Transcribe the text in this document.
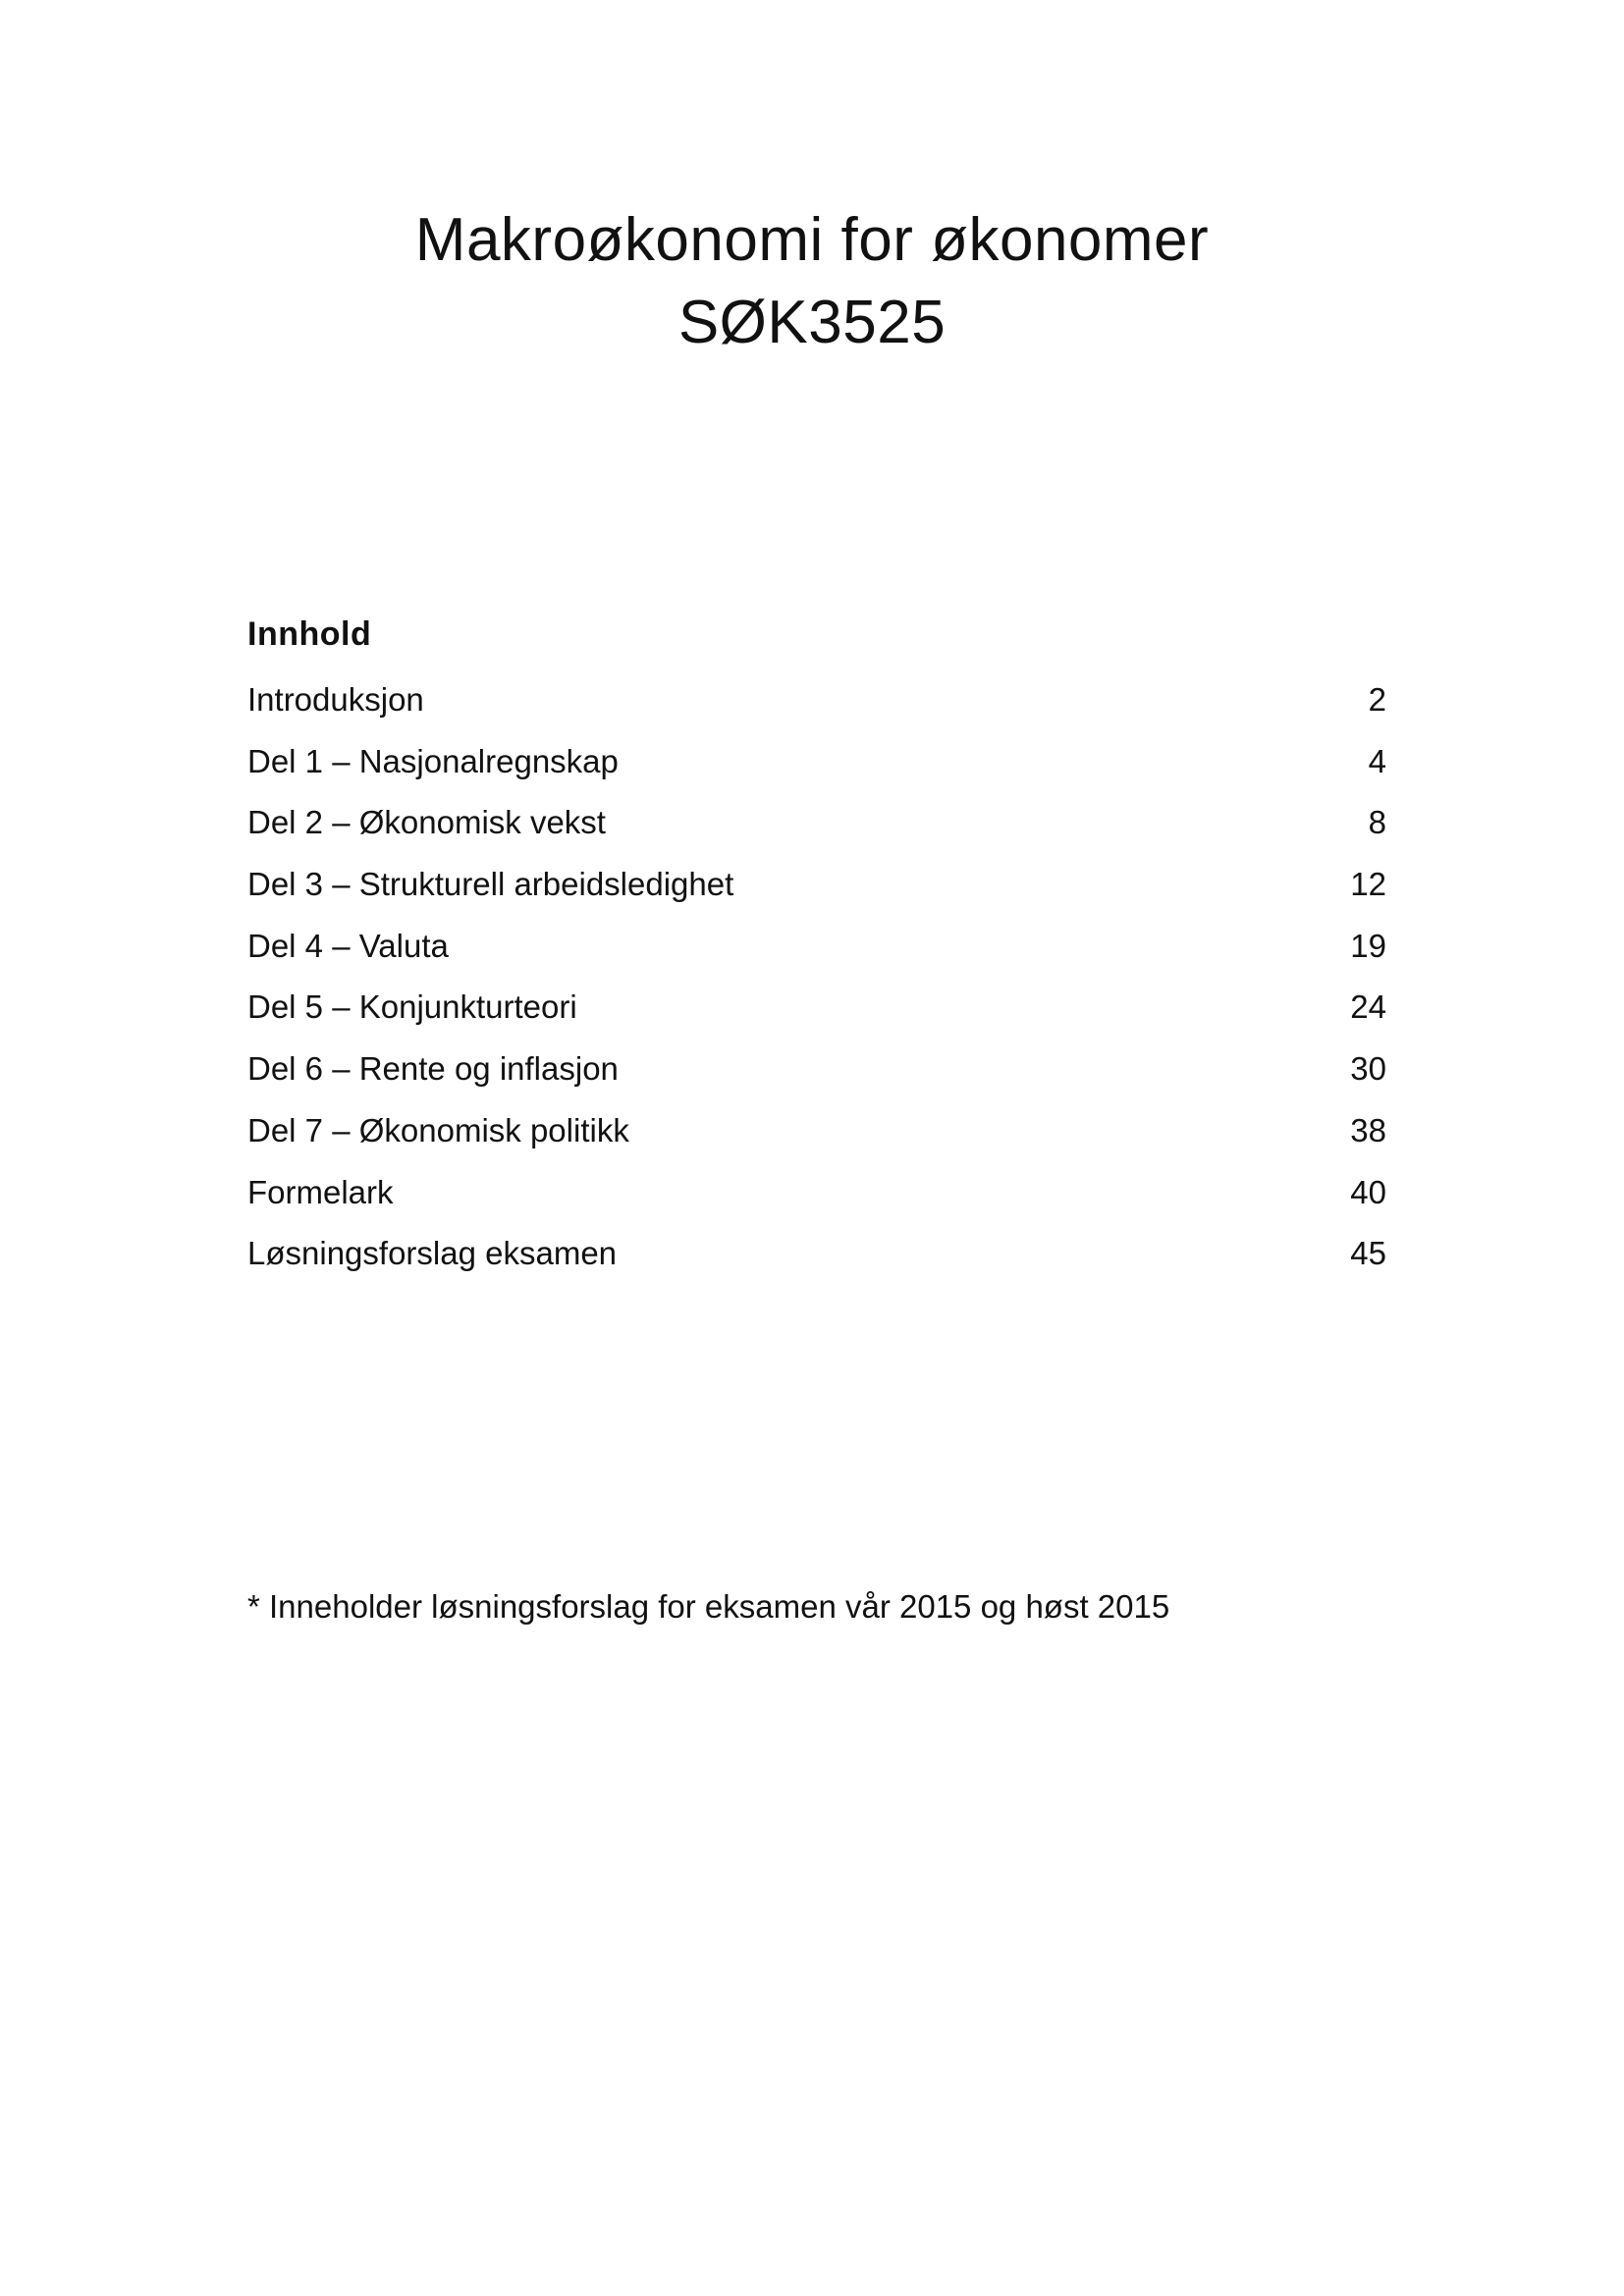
Makroøkonomi for økonomer
SØK3525
Innhold
Introduksjon	2
Del 1 – Nasjonalregnskap	4
Del 2 – Økonomisk vekst	8
Del 3 – Strukturell arbeidsledighet	12
Del 4 – Valuta	19
Del 5 – Konjunkturteori	24
Del 6 – Rente og inflasjon	30
Del 7 – Økonomisk politikk	38
Formelark	40
Løsningsforslag eksamen	45
* Inneholder løsningsforslag for eksamen vår 2015 og høst 2015
